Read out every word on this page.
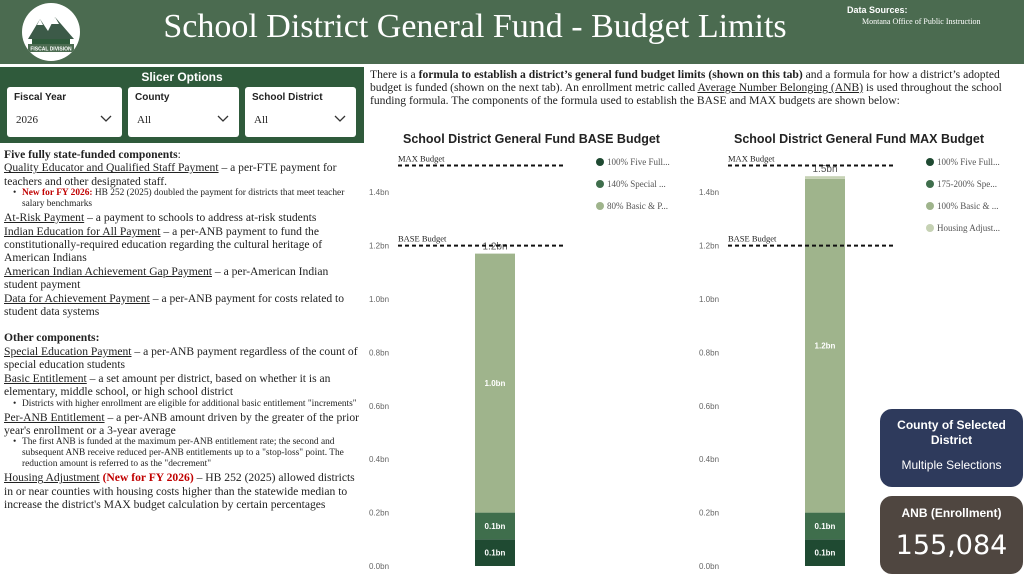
FISCAL DIVISION
School District General Fund - Budget Limits	Data Sources:
Montana Office of Public Instruction
Slicer Options
Fiscal Year
2026
County
All
School District
All
Five fully state-funded components:
Quality Educator and Qualified Staff Payment – a per-FTE payment for teachers and other designated staff.
• New for FY 2026: HB 252 (2025) doubled the payment for districts that meet teacher salary benchmarks
At-Risk Payment – a payment to schools to address at-risk students
Indian Education for All Payment – a per-ANB payment to fund the constitutionally-required education regarding the cultural heritage of American Indians
American Indian Achievement Gap Payment – a per-American Indian student payment
Data for Achievement Payment – a per-ANB payment for costs related to student data systems
Other components:
Special Education Payment – a per-ANB payment regardless of the count of special education students
Basic Entitlement – a set amount per district, based on whether it is an elementary, middle school, or high school district
• Districts with higher enrollment are eligible for additional basic entitlement "increments"
Per-ANB Entitlement – a per-ANB amount driven by the greater of the prior year's enrollment or a 3-year average
• The first ANB is funded at the maximum per-ANB entitlement rate; the second and subsequent ANB receive reduced per-ANB entitlements up to a "stop-loss" point. The reduction amount is referred to as the "decrement"
Housing Adjustment (New for FY 2026) – HB 252 (2025) allowed districts in or near counties with housing costs higher than the statewide median to increase the district's MAX budget calculation by certain percentages
There is a formula to establish a district’s general fund budget limits (shown on this tab) and a formula for how a district’s adopted budget is funded (shown on the next tab). An enrollment metric called Average Number Belonging (ANB) is used throughout the school funding formula. The components of the formula used to establish the BASE and MAX budgets are shown below:
School District General Fund BASE Budget
0.0bn
0.2bn
0.4bn
0.6bn
0.8bn
1.0bn
1.2bn
1.4bn
0.1bn
0.1bn
1.0bn
1.2bn
MAX Budget
BASE Budget
100% Five Full...
140% Special ...
80% Basic & P...
School District General Fund MAX Budget
0.0bn
0.2bn
0.4bn
0.6bn
0.8bn
1.0bn
1.2bn
1.4bn
0.1bn
0.1bn
1.2bn
1.5bn
MAX Budget
BASE Budget
100% Five Full...
175-200% Spe...
100% Basic & ...
Housing Adjust...
County of Selected District
Multiple Selections
ANB (Enrollment)
155,084
